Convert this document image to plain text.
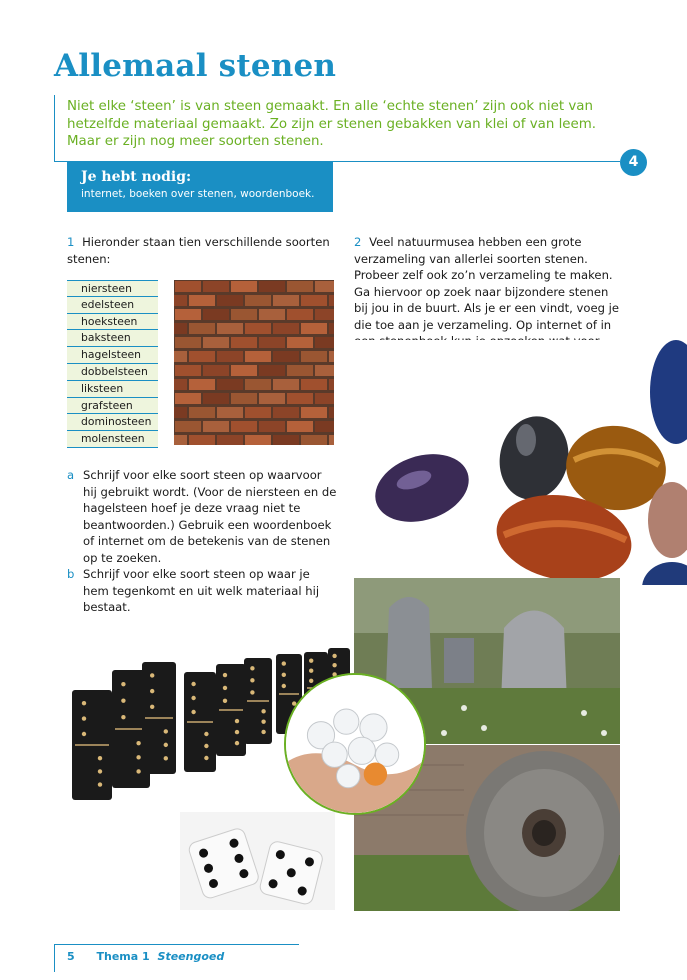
Allemaal stenen

Niet elke ‘steen’ is van steen gemaakt. En alle ‘echte stenen’ zijn ook niet van hetzelfde materiaal gemaakt. Zo zijn er stenen gebakken van klei of van leem. Maar er zijn nog meer soorten stenen.

4
Je hebt nodig:
internet, boeken over stenen, woordenboek.

1 Hieronder staan tien verschillende soorten stenen:

niersteen
edelsteen
hoeksteen
baksteen
hagelsteen
dobbelsteen
liksteen
grafsteen
dominosteen
molensteen

a Schrijf voor elke soort steen op waarvoor hij gebruikt wordt. (Voor de niersteen en de hagelsteen hoef je deze vraag niet te beantwoorden.) Gebruik een woordenboek of internet om de betekenis van de stenen op te zoeken.

b Schrijf voor elke soort steen op waar je hem tegenkomt en uit welk materiaal hij bestaat.

2 Veel natuurmusea hebben een grote verzameling van allerlei soorten stenen. Probeer zelf ook zo’n verzameling te maken. Ga hiervoor op zoek naar bijzondere stenen bij jou in de buurt. Als je er een vindt, voeg je die toe aan je verzameling. Op internet of in

5 Thema 1 Steengoed
